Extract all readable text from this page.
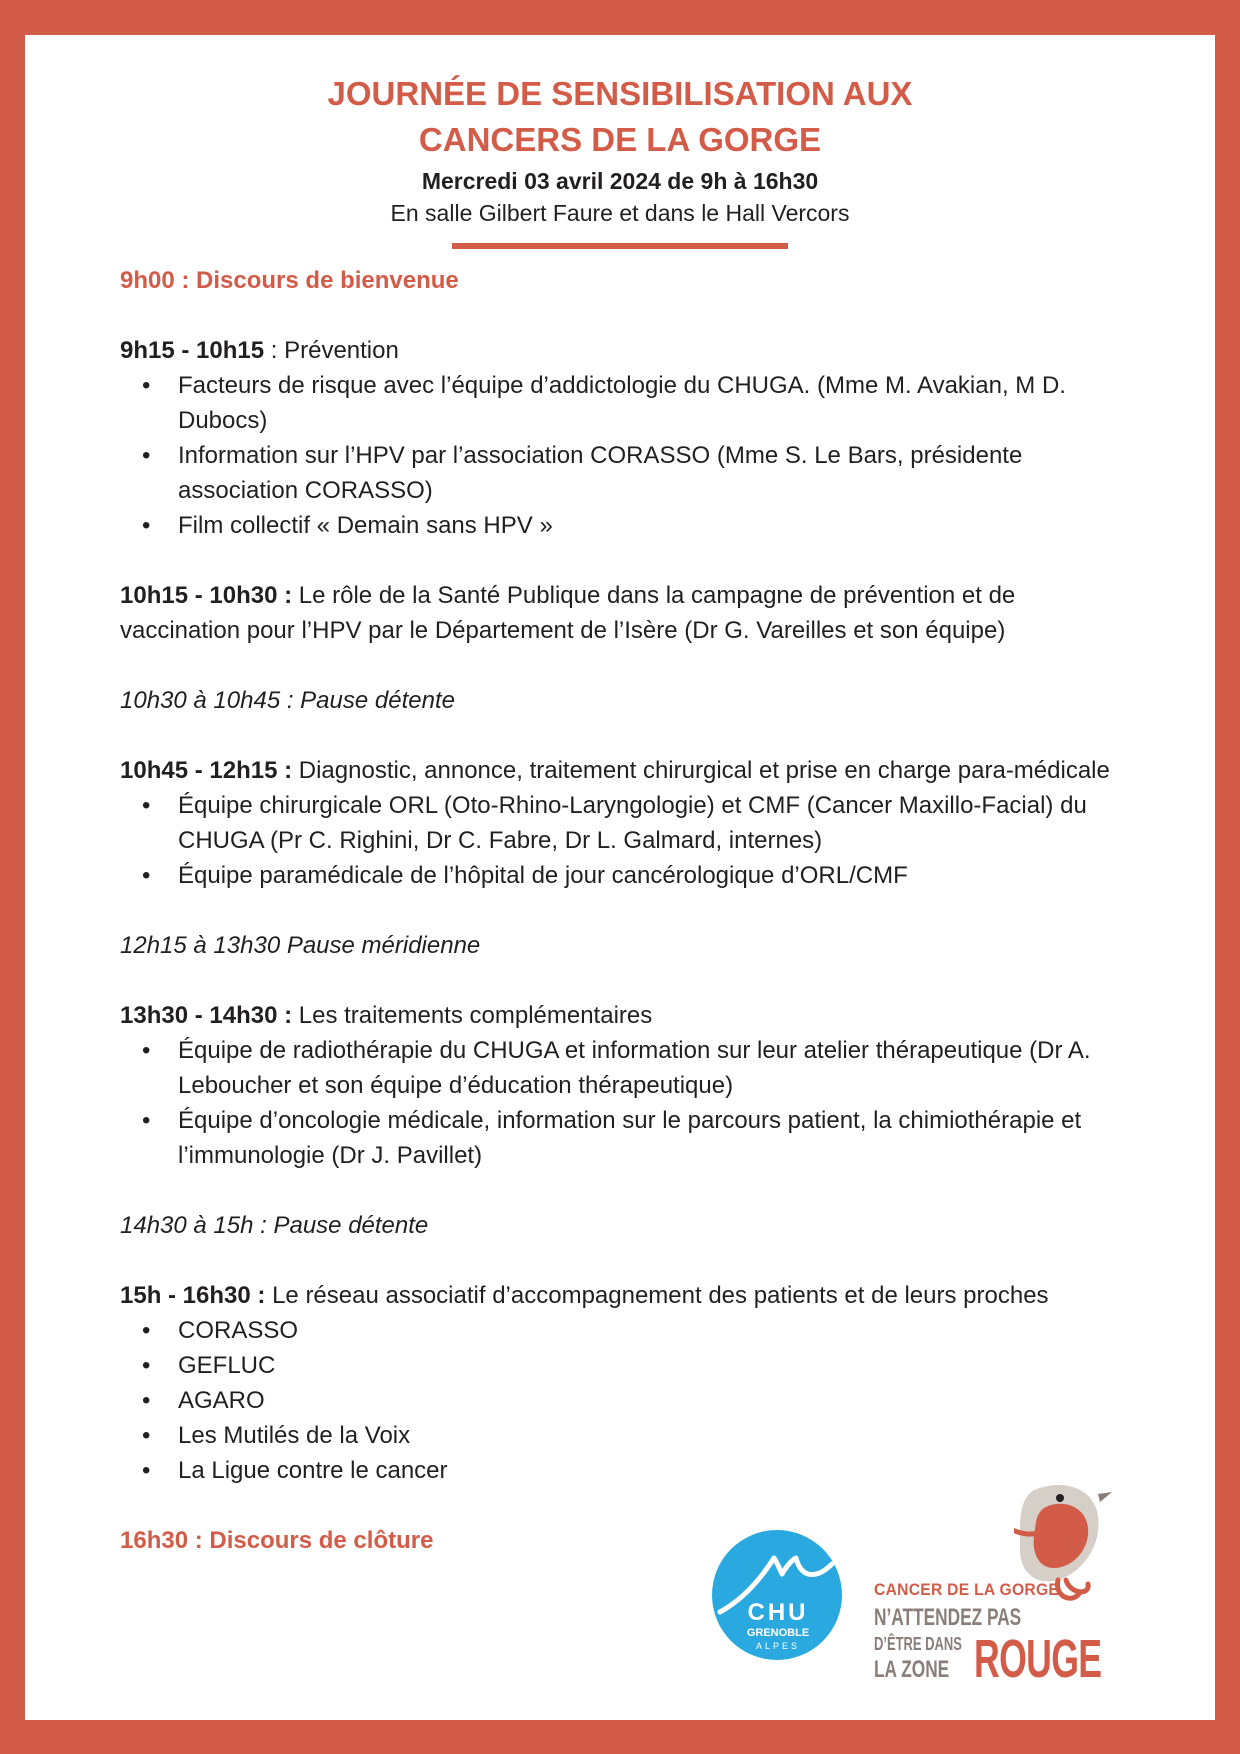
JOURNÉE DE SENSIBILISATION AUX
CANCERS DE LA GORGE
Mercredi 03 avril 2024 de 9h à 16h30
En salle Gilbert Faure et dans le Hall Vercors
9h00 : Discours de bienvenue
9h15 - 10h15 : Prévention
• Facteurs de risque avec l’équipe d’addictologie du CHUGA. (Mme M. Avakian, M D. Dubocs)
• Information sur l’HPV par l’association CORASSO (Mme S. Le Bars, présidente association CORASSO)
• Film collectif « Demain sans HPV »
10h15 - 10h30 : Le rôle de la Santé Publique dans la campagne de prévention et de vaccination pour l’HPV par le Département de l’Isère (Dr G. Vareilles et son équipe)
10h30 à 10h45 : Pause détente
10h45 - 12h15 : Diagnostic, annonce, traitement chirurgical et prise en charge para-médicale
• Équipe chirurgicale ORL (Oto-Rhino-Laryngologie) et CMF (Cancer Maxillo-Facial) du CHUGA (Pr C. Righini, Dr C. Fabre, Dr L. Galmard, internes)
• Équipe paramédicale de l’hôpital de jour cancérologique d’ORL/CMF
12h15 à 13h30 Pause méridienne
13h30 - 14h30 : Les traitements complémentaires
• Équipe de radiothérapie du CHUGA et information sur leur atelier thérapeutique (Dr A. Leboucher et son équipe d’éducation thérapeutique)
• Équipe d’oncologie médicale, information sur le parcours patient, la chimiothérapie et l’immunologie (Dr J. Pavillet)
14h30 à 15h : Pause détente
15h - 16h30 : Le réseau associatif d’accompagnement des patients et de leurs proches
• CORASSO
• GEFLUC
• AGARO
• Les Mutilés de la Voix
• La Ligue contre le cancer
16h30 : Discours de clôture
CHU
GRENOBLE
ALPES
CANCER DE LA GORGE
N’ATTENDEZ PAS
D’ÊTRE DANS
LA ZONE ROUGE
